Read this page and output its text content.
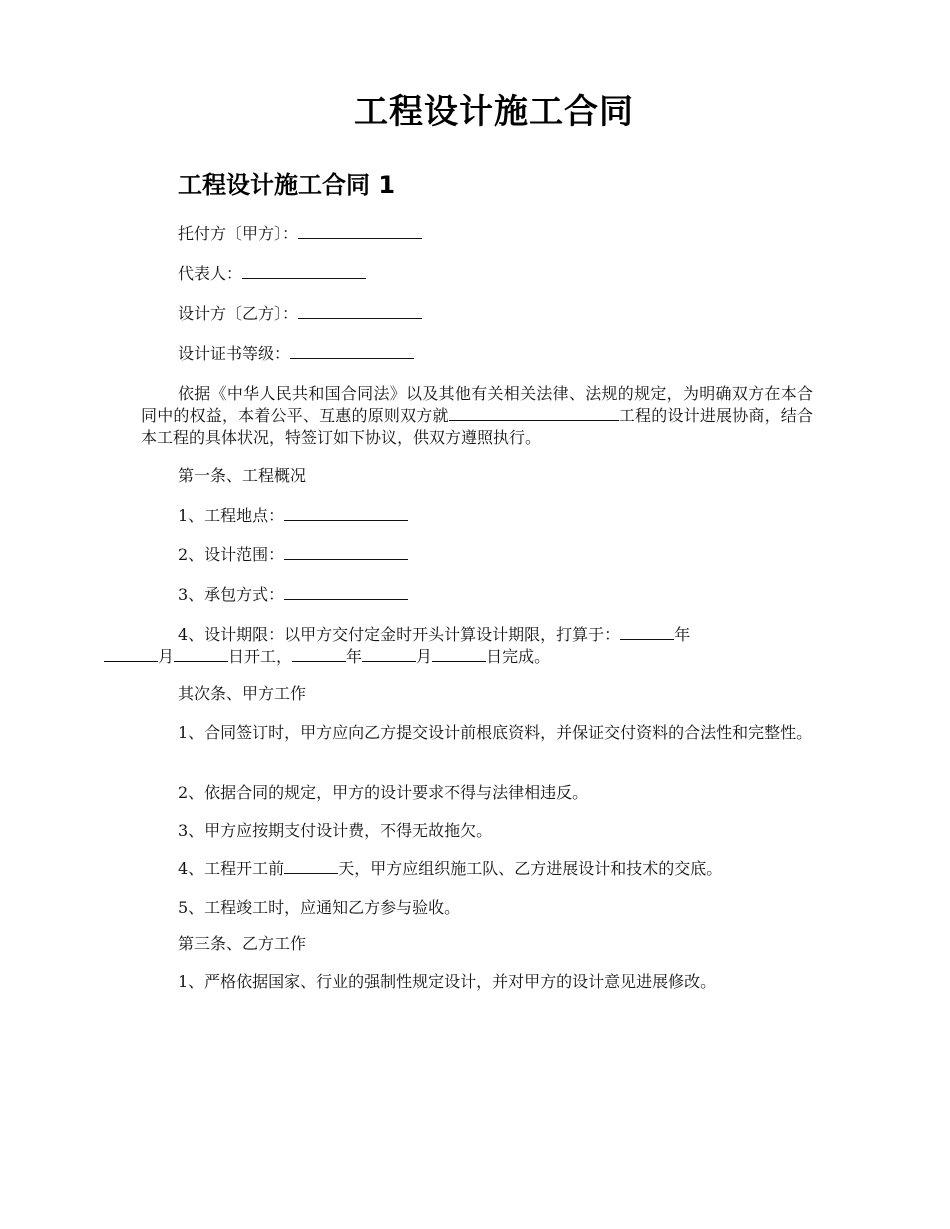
工程设计施工合同
工程设计施工合同 1
托付方〔甲方〕：
代表人：
设计方〔乙方〕：
设计证书等级：
依据《中华人民共和国合同法》以及其他有关相关法律、法规的规定，为明确双方在本合同中的权益，本着公平、互惠的原则双方就	工程的设计进展协商，结合本工程的具体状况，特签订如下协议，供双方遵照执行。
第一条、工程概况
1、工程地点：
2、设计范围：
3、承包方式：
4、设计期限：以甲方交付定金时开头计算设计期限，打算于：	年
月	日开工，	年	月	日完成。
其次条、甲方工作
1、合同签订时，甲方应向乙方提交设计前根底资料，并保证交付资料的合法性和完整性。
2、依据合同的规定，甲方的设计要求不得与法律相违反。
3、甲方应按期支付设计费，不得无故拖欠。
4、工程开工前	天，甲方应组织施工队、乙方进展设计和技术的交底。
5、工程竣工时，应通知乙方参与验收。
第三条、乙方工作
1、严格依据国家、行业的强制性规定设计，并对甲方的设计意见进展修改。
